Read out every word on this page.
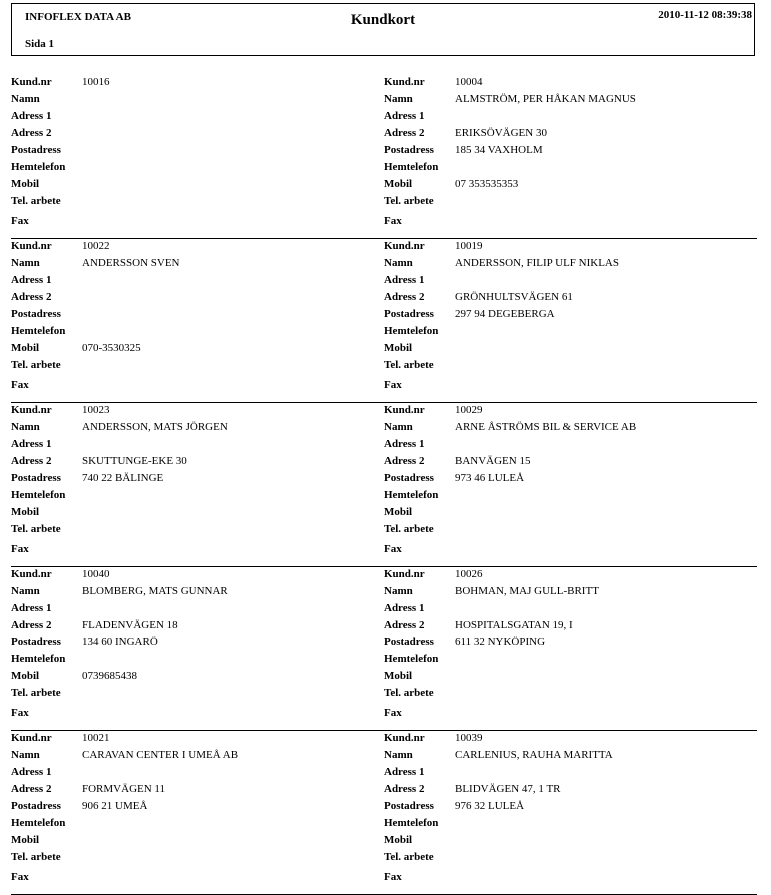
INFOFLEX DATA AB	Kundkort	2010-11-12 08:39:38
Sida 1
Kund.nr	10016
Namn
Adress 1
Adress 2
Postadress
Hemtelefon
Mobil
Tel. arbete
Fax
Kund.nr	10004
Namn	ALMSTRÖM, PER HÅKAN MAGNUS
Adress 1
Adress 2	ERIKSÖVÄGEN 30
Postadress 185 34 VAXHOLM
Hemtelefon
Mobil	07 353535353
Tel. arbete
Fax
Kund.nr	10022
Namn	ANDERSSON SVEN
Adress 1
Adress 2
Postadress
Hemtelefon
Mobil	070-3530325
Tel. arbete
Fax
Kund.nr	10019
Namn	ANDERSSON, FILIP ULF NIKLAS
Adress 1
Adress 2	GRÖNHULTSVÄGEN 61
Postadress 297 94 DEGEBERGA
Hemtelefon
Mobil
Tel. arbete
Fax
Kund.nr	10023
Namn	ANDERSSON, MATS JÖRGEN
Adress 1
Adress 2	SKUTTUNGE-EKE 30
Postadress 740 22 BÄLINGE
Hemtelefon
Mobil
Tel. arbete
Fax
Kund.nr	10029
Namn	ARNE ÅSTRÖMS BIL & SERVICE AB
Adress 1
Adress 2	BANVÄGEN 15
Postadress 973 46 LULEÅ
Hemtelefon
Mobil
Tel. arbete
Fax
Kund.nr	10040
Namn	BLOMBERG, MATS GUNNAR
Adress 1
Adress 2	FLADENVÄGEN 18
Postadress 134 60 INGARÖ
Hemtelefon
Mobil	0739685438
Tel. arbete
Fax
Kund.nr	10026
Namn	BOHMAN, MAJ GULL-BRITT
Adress 1
Adress 2	HOSPITALSGATAN 19, I
Postadress 611 32 NYKÖPING
Hemtelefon
Mobil
Tel. arbete
Fax
Kund.nr	10021
Namn	CARAVAN CENTER I UMEÅ AB
Adress 1
Adress 2	FORMVÄGEN 11
Postadress 906 21 UMEÅ
Hemtelefon
Mobil
Tel. arbete
Fax
Kund.nr	10039
Namn	CARLENIUS, RAUHA MARITTA
Adress 1
Adress 2	BLIDVÄGEN 47, 1 TR
Postadress 976 32 LULEÅ
Hemtelefon
Mobil
Tel. arbete
Fax
